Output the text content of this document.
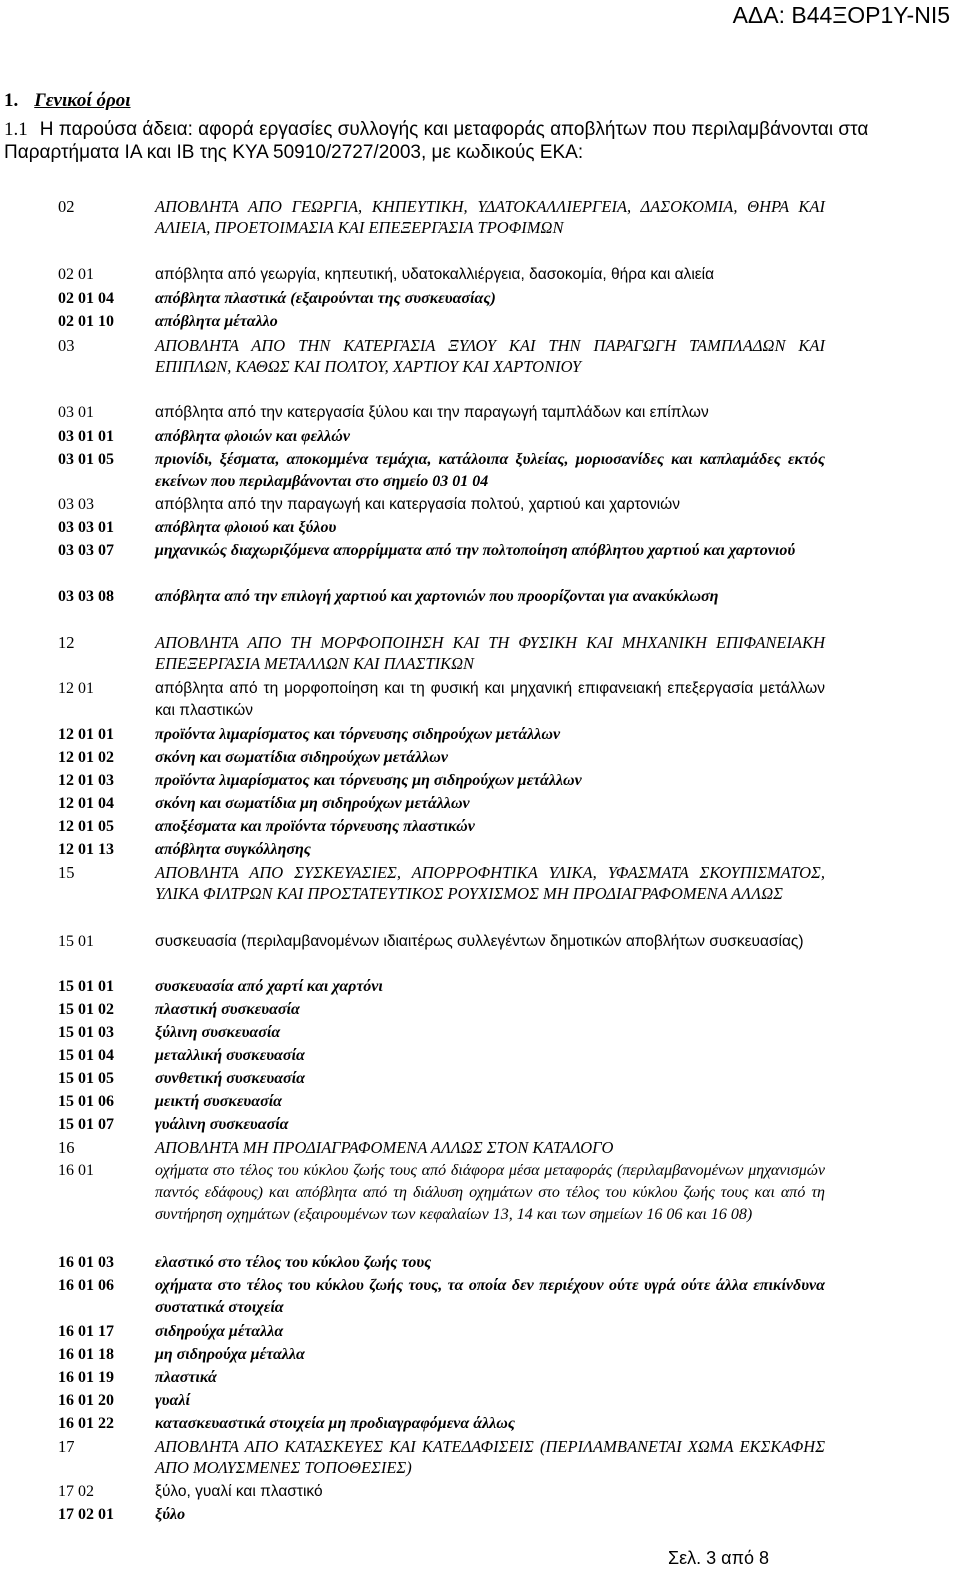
ΑΔΑ: Β44ΞΟΡ1Υ-ΝΙ5
1. Γενικοί όροι
1.1 Η παρούσα άδεια: αφορά εργασίες συλλογής και μεταφοράς αποβλήτων που περιλαμβάνονται στα Παραρτήματα ΙΑ και ΙΒ της ΚΥΑ 50910/2727/2003, με κωδικούς ΕΚΑ:
02	ΑΠΟΒΛΗΤΑ ΑΠΟ ΓΕΩΡΓΙΑ, ΚΗΠΕΥΤΙΚΗ, ΥΔΑΤΟΚΑΛΛΙΕΡΓΕΙΑ, ΔΑΣΟΚΟΜΙΑ, ΘΗΡΑ ΚΑΙ ΑΛΙΕΙΑ, ΠΡΟΕΤΟΙΜΑΣΙΑ ΚΑΙ ΕΠΕΞΕΡΓΑΣΙΑ ΤΡΟΦΙΜΩΝ
02 01	απόβλητα από γεωργία, κηπευτική, υδατοκαλλιέργεια, δασοκομία, θήρα και αλιεία
02 01 04	απόβλητα πλαστικά (εξαιρούνται της συσκευασίας)
02 01 10	απόβλητα μέταλλο
03	ΑΠΟΒΛΗΤΑ ΑΠΟ ΤΗΝ ΚΑΤΕΡΓΑΣΙΑ ΞΥΛΟΥ ΚΑΙ ΤΗΝ ΠΑΡΑΓΩΓΗ ΤΑΜΠΛΑΔΩΝ ΚΑΙ ΕΠΙΠΛΩΝ, ΚΑΘΩΣ ΚΑΙ ΠΟΛΤΟΥ, ΧΑΡΤΙΟΥ ΚΑΙ ΧΑΡΤΟΝΙΟΥ
03 01	απόβλητα από την κατεργασία ξύλου και την παραγωγή ταμπλάδων και επίπλων
03 01 01	απόβλητα φλοιών και φελλών
03 01 05	πριονίδι, ξέσματα, αποκομμένα τεμάχια, κατάλοιπα ξυλείας, μοριοσανίδες και καπλαμάδες εκτός εκείνων που περιλαμβάνονται στο σημείο 03 01 04
03 03	απόβλητα από την παραγωγή και κατεργασία πολτού, χαρτιού και χαρτονιών
03 03 01	απόβλητα φλοιού και ξύλου
03 03 07	μηχανικώς διαχωριζόμενα απορρίμματα από την πολτοποίηση απόβλητου χαρτιού και χαρτονιού
03 03 08	απόβλητα από την επιλογή χαρτιού και χαρτονιών που προορίζονται για ανακύκλωση
12	ΑΠΟΒΛΗΤΑ ΑΠΟ ΤΗ ΜΟΡΦΟΠΟΙΗΣΗ ΚΑΙ ΤΗ ΦΥΣΙΚΗ ΚΑΙ ΜΗΧΑΝΙΚΗ ΕΠΙΦΑΝΕΙΑΚΗ ΕΠΕΞΕΡΓΑΣΙΑ ΜΕΤΑΛΛΩΝ ΚΑΙ ΠΛΑΣΤΙΚΩΝ
12 01	απόβλητα από τη μορφοποίηση και τη φυσική και μηχανική επιφανειακή επεξεργασία μετάλλων και πλαστικών
12 01 01	προϊόντα λιμαρίσματος και τόρνευσης σιδηρούχων μετάλλων
12 01 02	σκόνη και σωματίδια σιδηρούχων μετάλλων
12 01 03	προϊόντα λιμαρίσματος και τόρνευσης μη σιδηρούχων μετάλλων
12 01 04	σκόνη και σωματίδια μη σιδηρούχων μετάλλων
12 01 05	αποξέσματα και προϊόντα τόρνευσης πλαστικών
12 01 13	απόβλητα συγκόλλησης
15	ΑΠΟΒΛΗΤΑ ΑΠΟ ΣΥΣΚΕΥΑΣΙΕΣ, ΑΠΟΡΡΟΦΗΤΙΚΑ ΥΛΙΚΑ, ΥΦΑΣΜΑΤΑ ΣΚΟΥΠΙΣΜΑΤΟΣ, ΥΛΙΚΑ ΦΙΛΤΡΩΝ ΚΑΙ ΠΡΟΣΤΑΤΕΥΤΙΚΟΣ ΡΟΥΧΙΣΜΟΣ ΜΗ ΠΡΟΔΙΑΓΡΑΦΟΜΕΝΑ ΑΛΛΩΣ
15 01	συσκευασία (περιλαμβανομένων ιδιαιτέρως συλλεγέντων δημοτικών αποβλήτων συσκευασίας)
15 01 01	συσκευασία από χαρτί και χαρτόνι
15 01 02	πλαστική συσκευασία
15 01 03	ξύλινη συσκευασία
15 01 04	μεταλλική συσκευασία
15 01 05	συνθετική συσκευασία
15 01 06	μεικτή συσκευασία
15 01 07	γυάλινη συσκευασία
16	ΑΠΟΒΛΗΤΑ ΜΗ ΠΡΟΔΙΑΓΡΑΦΟΜΕΝΑ ΑΛΛΩΣ ΣΤΟΝ ΚΑΤΑΛΟΓΟ
16 01	οχήματα στο τέλος του κύκλου ζωής τους από διάφορα μέσα μεταφοράς (περιλαμβανομένων μηχανισμών παντός εδάφους) και απόβλητα από τη διάλυση οχημάτων στο τέλος του κύκλου ζωής τους και από τη συντήρηση οχημάτων (εξαιρουμένων των κεφαλαίων 13, 14 και των σημείων 16 06 και 16 08)
16 01 03	ελαστικό στο τέλος του κύκλου ζωής τους
16 01 06	οχήματα στο τέλος του κύκλου ζωής τους, τα οποία δεν περιέχουν ούτε υγρά ούτε άλλα επικίνδυνα συστατικά στοιχεία
16 01 17	σιδηρούχα μέταλλα
16 01 18	μη σιδηρούχα μέταλλα
16 01 19	πλαστικά
16 01 20	γυαλί
16 01 22	κατασκευαστικά στοιχεία μη προδιαγραφόμενα άλλως
17	ΑΠΟΒΛΗΤΑ ΑΠΟ ΚΑΤΑΣΚΕΥΕΣ ΚΑΙ ΚΑΤΕΔΑΦΙΣΕΙΣ (ΠΕΡΙΛΑΜΒΑΝΕΤΑΙ ΧΩΜΑ ΕΚΣΚΑΦΗΣ ΑΠΟ ΜΟΛΥΣΜΕΝΕΣ ΤΟΠΟΘΕΣΙΕΣ)
17 02	ξύλο, γυαλί και πλαστικό
17 02 01	ξύλο
Σελ. 3 από 8
